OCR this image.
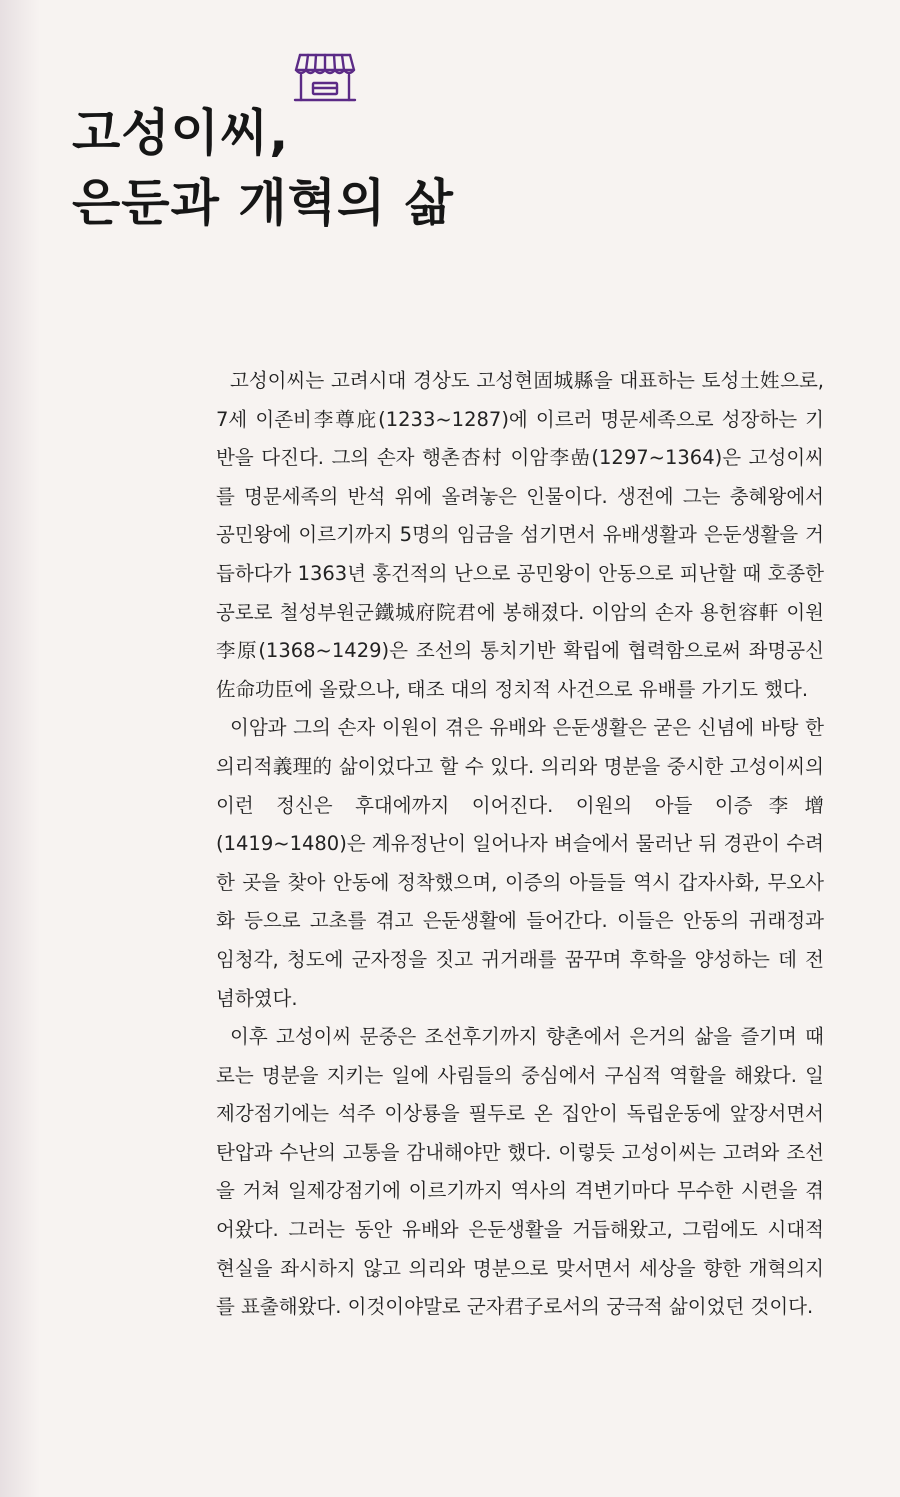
고성이씨,
은둔과 개혁의 삶

고성이씨는 고려시대 경상도 고성현固城縣을 대표하는 토성土姓으로, 7세 이존비李尊庇(1233~1287)에 이르러 명문세족으로 성장하는 기반을 다진다. 그의 손자 행촌杏村 이암李嵒(1297~1364)은 고성이씨를 명문세족의 반석 위에 올려놓은 인물이다. 생전에 그는 충혜왕에서 공민왕에 이르기까지 5명의 임금을 섬기면서 유배생활과 은둔생활을 거듭하다가 1363년 홍건적의 난으로 공민왕이 안동으로 피난할 때 호종한 공로로 철성부원군鐵城府院君에 봉해졌다. 이암의 손자 용헌容軒 이원李原(1368~1429)은 조선의 통치기반 확립에 협력함으로써 좌명공신佐命功臣에 올랐으나, 태조 대의 정치적 사건으로 유배를 가기도 했다.

이암과 그의 손자 이원이 겪은 유배와 은둔생활은 굳은 신념에 바탕 한 의리적義理的 삶이었다고 할 수 있다. 의리와 명분을 중시한 고성이씨의 이런 정신은 후대에까지 이어진다. 이원의 아들 이증李增(1419~1480)은 계유정난이 일어나자 벼슬에서 물러난 뒤 경관이 수려한 곳을 찾아 안동에 정착했으며, 이증의 아들들 역시 갑자사화, 무오사화 등으로 고초를 겪고 은둔생활에 들어간다. 이들은 안동의 귀래정과 임청각, 청도에 군자정을 짓고 귀거래를 꿈꾸며 후학을 양성하는 데 전념하였다.

이후 고성이씨 문중은 조선후기까지 향촌에서 은거의 삶을 즐기며 때로는 명분을 지키는 일에 사림들의 중심에서 구심적 역할을 해왔다. 일제강점기에는 석주 이상룡을 필두로 온 집안이 독립운동에 앞장서면서 탄압과 수난의 고통을 감내해야만 했다. 이렇듯 고성이씨는 고려와 조선을 거쳐 일제강점기에 이르기까지 역사의 격변기마다 무수한 시련을 겪어왔다. 그러는 동안 유배와 은둔생활을 거듭해왔고, 그럼에도 시대적 현실을 좌시하지 않고 의리와 명분으로 맞서면서 세상을 향한 개혁의지를 표출해왔다. 이것이야말로 군자君子로서의 궁극적 삶이었던 것이다.
